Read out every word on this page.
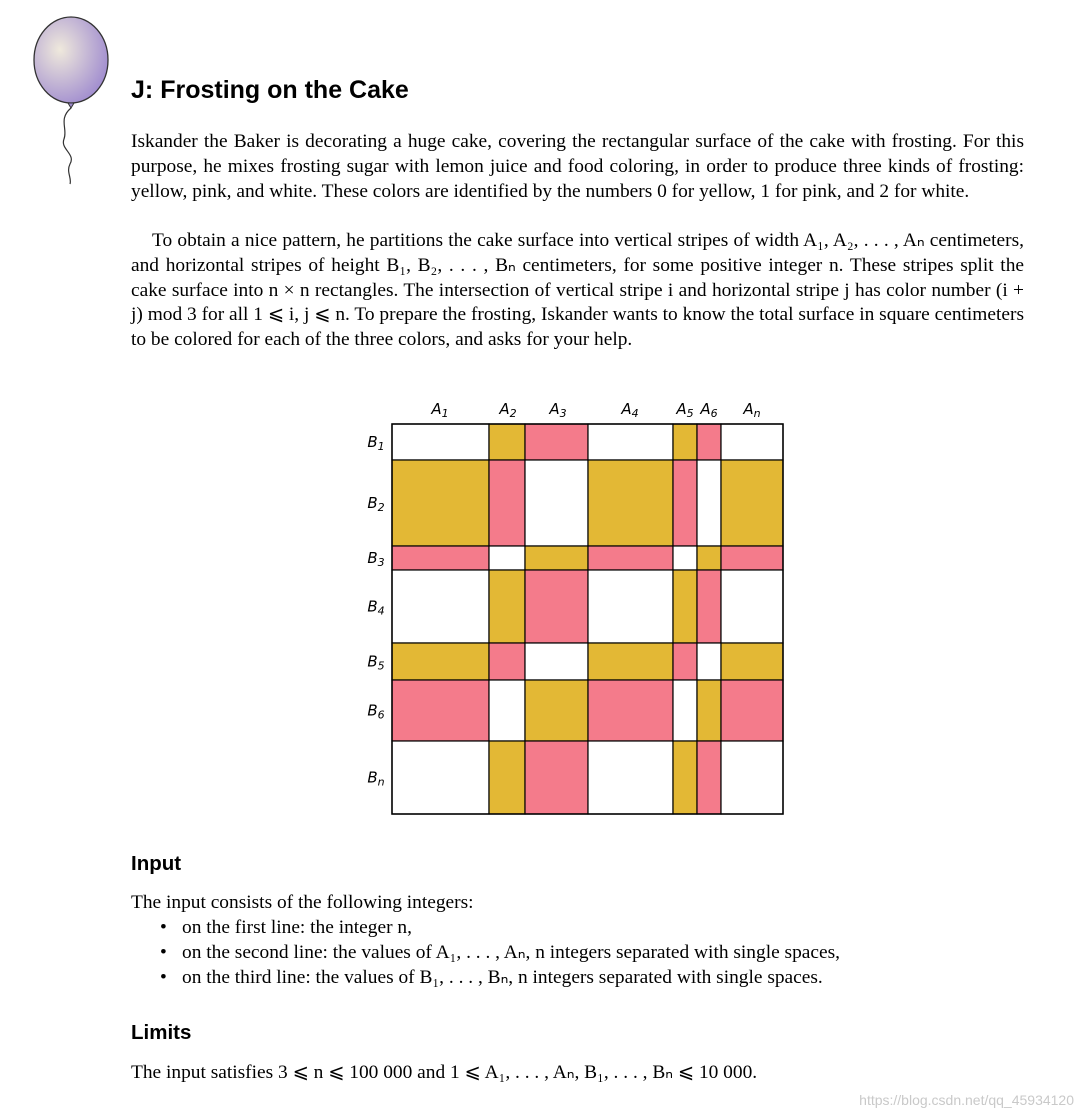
J: Frosting on the Cake

Iskander the Baker is decorating a huge cake, covering the rectangular surface of the cake with frosting. For this purpose, he mixes frosting sugar with lemon juice and food coloring, in order to produce three kinds of frosting: yellow, pink, and white. These colors are identified by the numbers 0 for yellow, 1 for pink, and 2 for white.

To obtain a nice pattern, he partitions the cake surface into vertical stripes of width A₁, A₂, . . . , Aₙ centimeters, and horizontal stripes of height B₁, B₂, . . . , Bₙ centimeters, for some positive integer n. These stripes split the cake surface into n × n rectangles. The intersection of vertical stripe i and horizontal stripe j has color number (i + j) mod 3 for all 1 ⩽ i, j ⩽ n. To prepare the frosting, Iskander wants to know the total surface in square centimeters to be colored for each of the three colors, and asks for your help.

$A_1$	$A_2$ $A_3$	$A_4$	$A_5$ $A_6$ $A_n$
$B_1$
$B_2$
$B_3$
$B_4$
$B_5$
$B_6$
$B_n$
Input

The input consists of the following integers:

• on the first line: the integer n,
• on the second line: the values of A₁, . . . , Aₙ, n integers separated with single spaces,
• on the third line: the values of B₁, . . . , Bₙ, n integers separated with single spaces.
Limits

The input satisfies 3 ⩽ n ⩽ 100 000 and 1 ⩽ A₁, . . . , Aₙ, B₁, . . . , Bₙ ⩽ 10 000.

https://blog.csdn.net/qq_45934120
